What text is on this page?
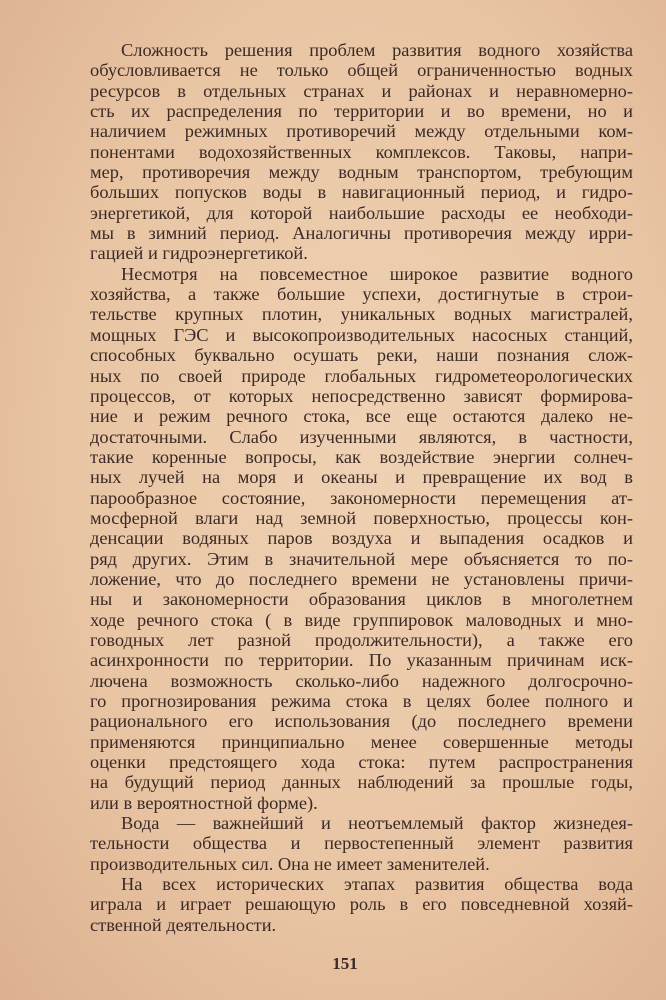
Сложность решения проблем развития водного хозяйства
обусловливается не только общей ограниченностью водных
ресурсов в отдельных странах и районах и неравномерно-
сть их распределения по территории и во времени, но и
наличием режимных противоречий между отдельными ком-
понентами водохозяйственных комплексов. Таковы, напри-
мер, противоречия между водным транспортом, требующим
больших попусков воды в навигационный период, и гидро-
энергетикой, для которой наибольшие расходы ее необходи-
мы в зимний период. Аналогичны противоречия между ирри-
гацией и гидроэнергетикой.
Несмотря на повсеместное широкое развитие водного
хозяйства, а также большие успехи, достигнутые в строи-
тельстве крупных плотин, уникальных водных магистралей,
мощных ГЭС и высокопроизводительных насосных станций,
способных буквально осушать реки, наши познания слож-
ных по своей природе глобальных гидрометеорологических
процессов, от которых непосредственно зависят формирова-
ние и режим речного стока, все еще остаются далеко не-
достаточными. Слабо изученными являются, в частности,
такие коренные вопросы, как воздействие энергии солнеч-
ных лучей на моря и океаны и превращение их вод в
парообразное состояние, закономерности перемещения ат-
мосферной влаги над земной поверхностью, процессы кон-
денсации водяных паров воздуха и выпадения осадков и
ряд других. Этим в значительной мере объясняется то по-
ложение, что до последнего времени не установлены причи-
ны и закономерности образования циклов в многолетнем
ходе речного стока ( в виде группировок маловодных и мно-
говодных лет разной продолжительности), а также его
асинхронности по территории. По указанным причинам иск-
лючена возможность сколько-либо надежного долгосрочно-
го прогнозирования режима стока в целях более полного и
рационального его использования (до последнего времени
применяются принципиально менее совершенные методы
оценки предстоящего хода стока: путем распространения
на будущий период данных наблюдений за прошлые годы,
или в вероятностной форме).
Вода — важнейший и неотъемлемый фактор жизнедея-
тельности общества и первостепенный элемент развития
производительных сил. Она не имеет заменителей.
На всех исторических этапах развития общества вода
играла и играет решающую роль в его повседневной хозяй-
ственной деятельности.
151
